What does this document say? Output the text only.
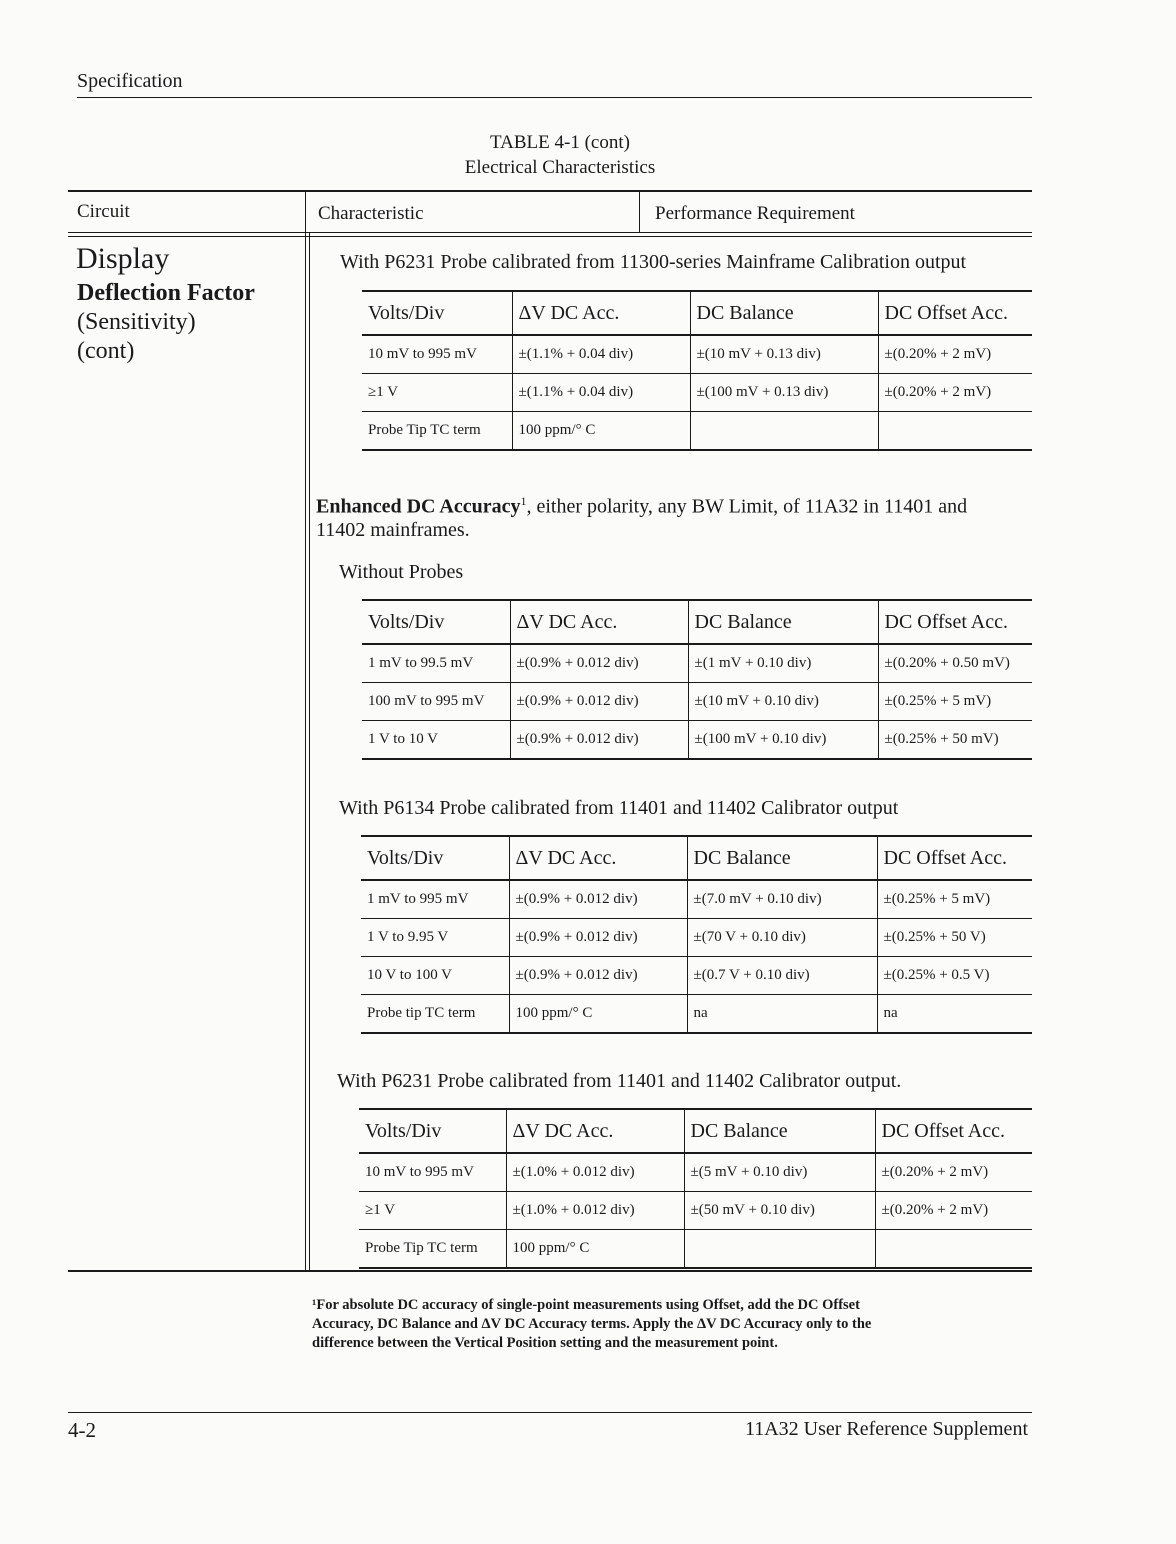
Specification
TABLE 4-1 (cont)
Electrical Characteristics
Circuit	Characteristic	Performance Requirement
Display
Deflection Factor
(Sensitivity)
(cont)
With P6231 Probe calibrated from 11300-series Mainframe Calibration output
Volts/Div	ΔV DC Acc.	DC Balance	DC Offset Acc.
10 mV to 995 mV	±(1.1% + 0.04 div)	±(10 mV + 0.13 div)	±(0.20% + 2 mV)
≥1 V	±(1.1% + 0.04 div)	±(100 mV + 0.13 div)	±(0.20% + 2 mV)
Probe Tip TC term	100 ppm/° C		
Enhanced DC Accuracy$^1$, either polarity, any BW Limit, of 11A32 in 11401 and
11402 mainframes.
Without Probes
Volts/Div	ΔV DC Acc.	DC Balance	DC Offset Acc.
1 mV to 99.5 mV	±(0.9% + 0.012 div)	±(1 mV + 0.10 div)	±(0.20% + 0.50 mV)
100 mV to 995 mV	±(0.9% + 0.012 div)	±(10 mV + 0.10 div)	±(0.25% + 5 mV)
1 V to 10 V	±(0.9% + 0.012 div)	±(100 mV + 0.10 div)	±(0.25% + 50 mV)
With P6134 Probe calibrated from 11401 and 11402 Calibrator output
Volts/Div	ΔV DC Acc.	DC Balance	DC Offset Acc.
1 mV to 995 mV	±(0.9% + 0.012 div)	±(7.0 mV + 0.10 div)	±(0.25% + 5 mV)
1 V to 9.95 V	±(0.9% + 0.012 div)	±(70 V + 0.10 div)	±(0.25% + 50 V)
10 V to 100 V	±(0.9% + 0.012 div)	±(0.7 V + 0.10 div)	±(0.25% + 0.5 V)
Probe tip TC term	100 ppm/° C	na	na
With P6231 Probe calibrated from 11401 and 11402 Calibrator output.
Volts/Div	ΔV DC Acc.	DC Balance	DC Offset Acc.
10 mV to 995 mV	±(1.0% + 0.012 div)	±(5 mV + 0.10 div)	±(0.20% + 2 mV)
≥1 V	±(1.0% + 0.012 div)	±(50 mV + 0.10 div)	±(0.20% + 2 mV)
Probe Tip TC term	100 ppm/° C		
¹For absolute DC accuracy of single-point measurements using Offset, add the DC Offset
Accuracy, DC Balance and ΔV DC Accuracy terms. Apply the ΔV DC Accuracy only to the
difference between the Vertical Position setting and the measurement point.
4-2	11A32 User Reference Supplement
